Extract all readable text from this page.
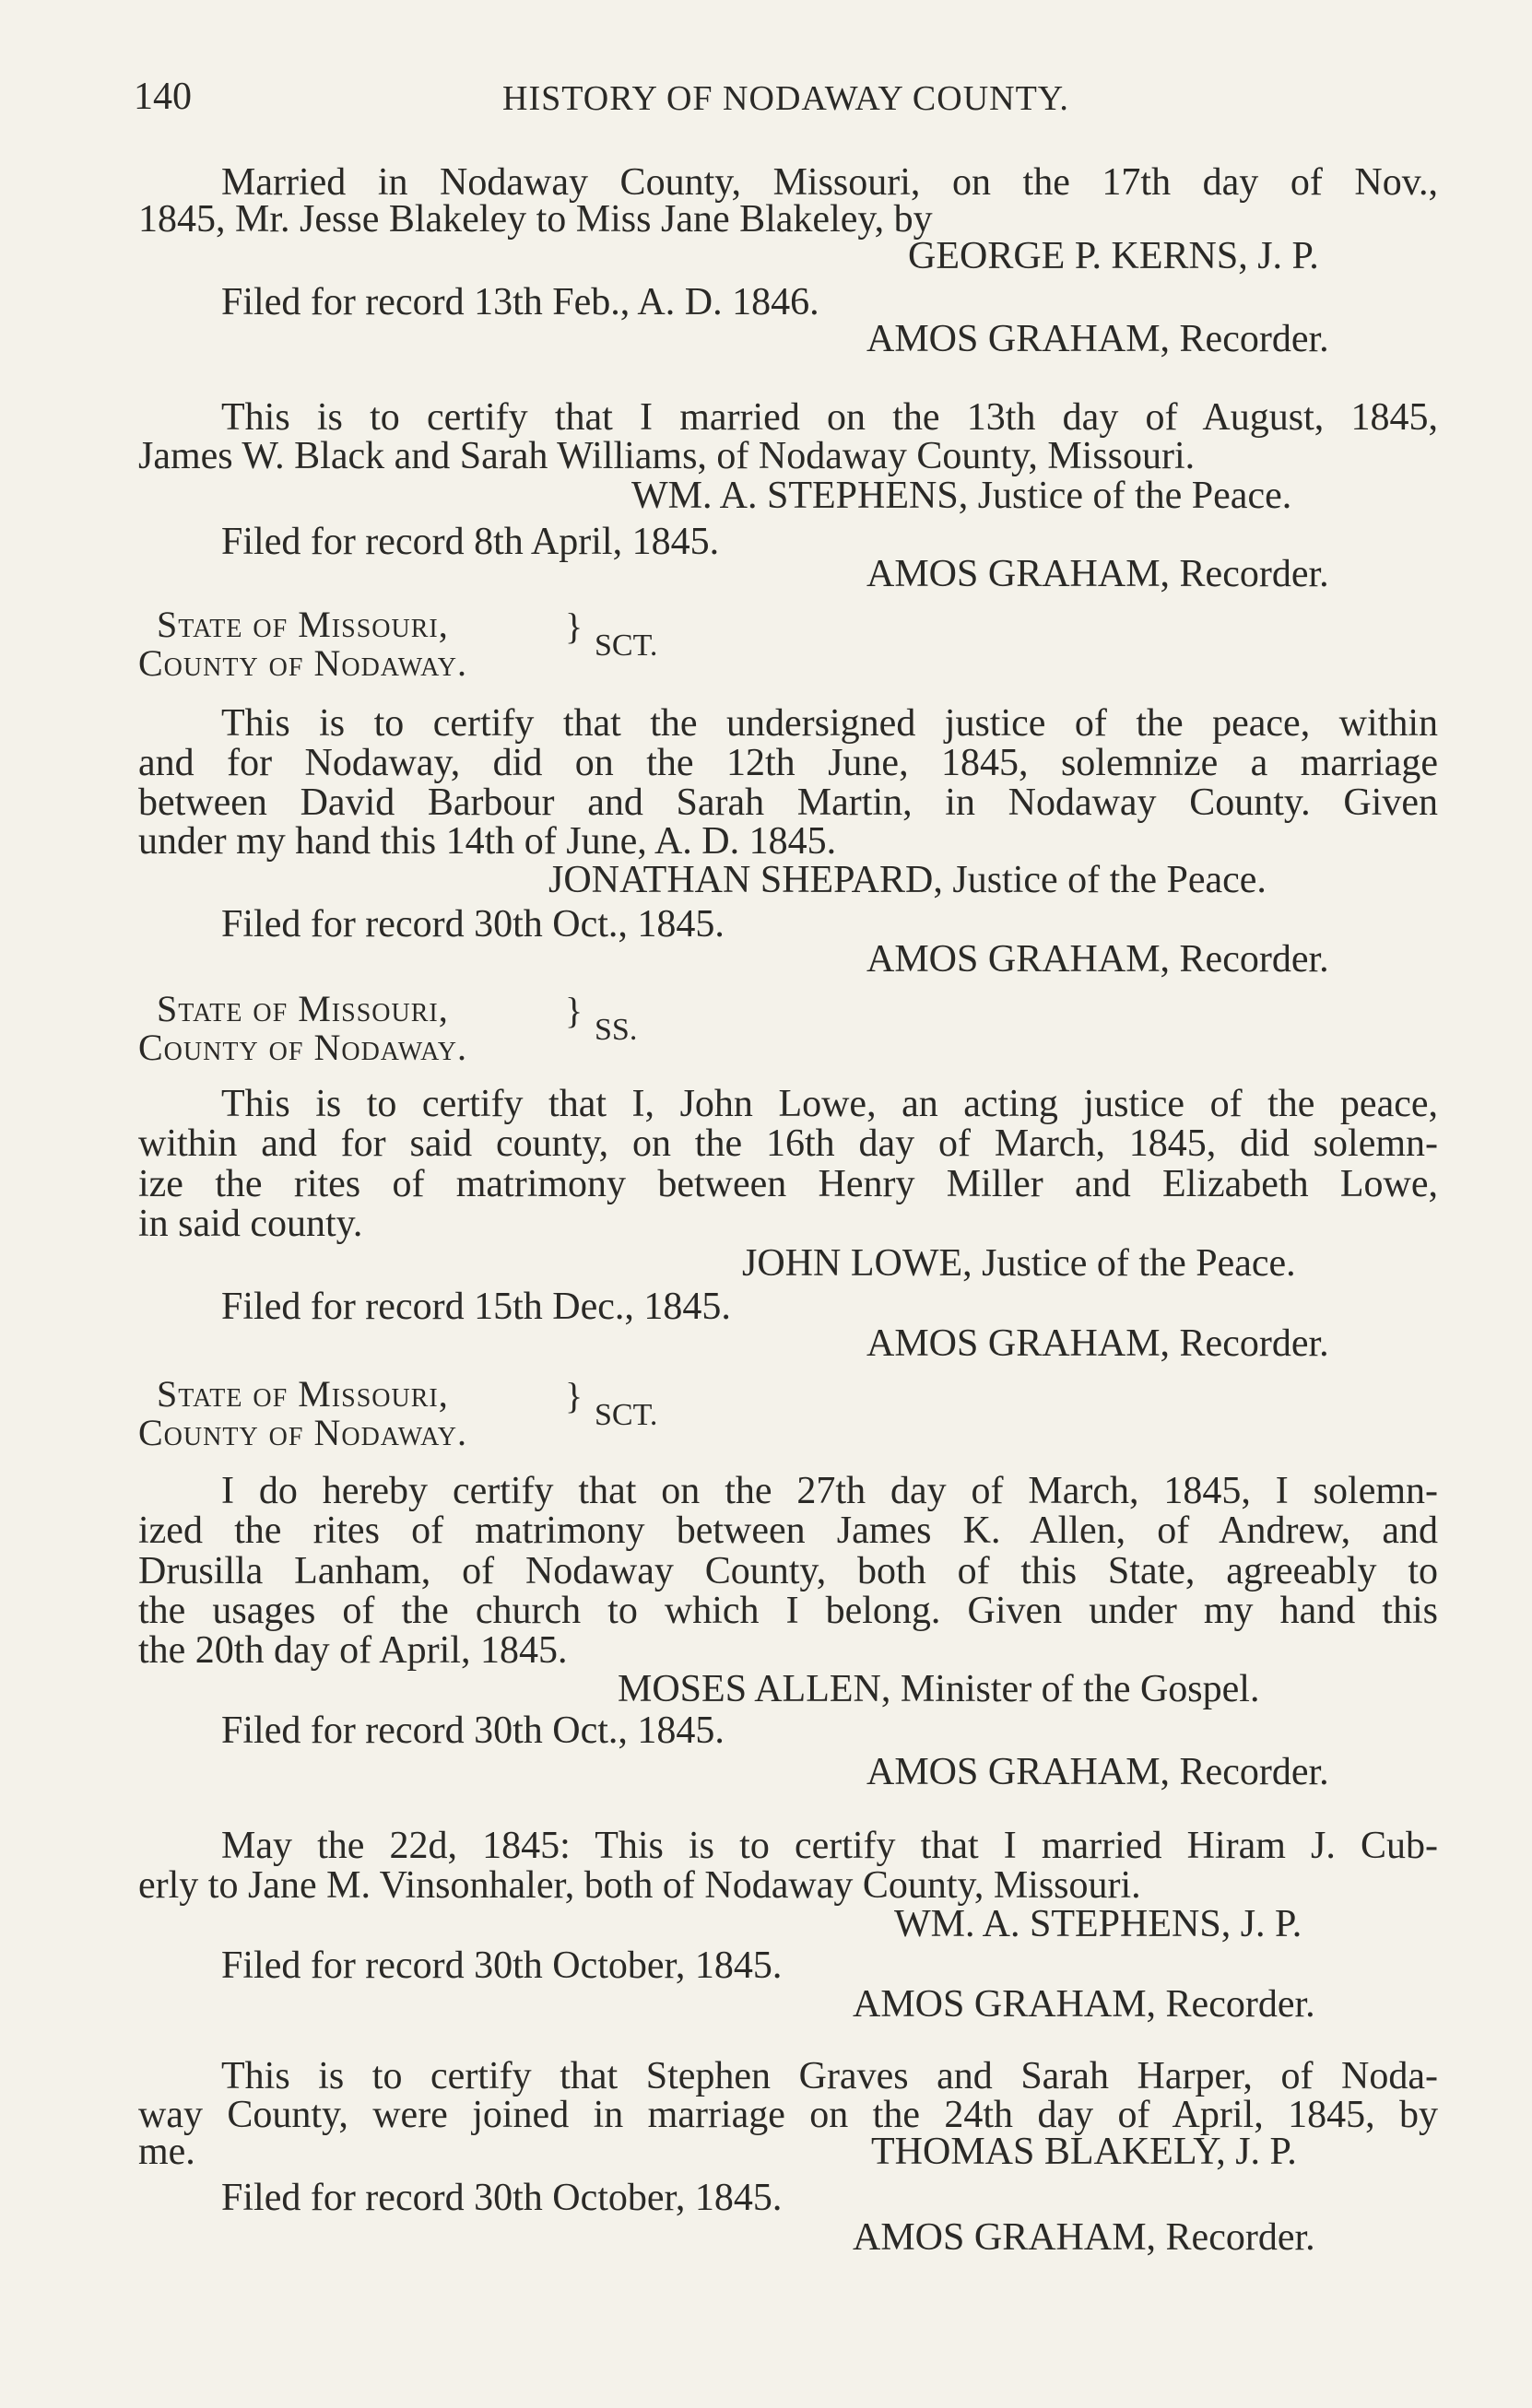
140	HISTORY OF NODAWAY COUNTY.
Married in Nodaway County, Missouri, on the 17th day of Nov.,
1845, Mr. Jesse Blakeley to Miss Jane Blakeley, by
GEORGE P. KERNS, J. P.
Filed for record 13th Feb., A. D. 1846.
AMOS GRAHAM, Recorder.
This is to certify that I married on the 13th day of August, 1845,
James W. Black and Sarah Williams, of Nodaway County, Missouri.
WM. A. STEPHENS, Justice of the Peace.
Filed for record 8th April, 1845.
AMOS GRAHAM, Recorder.
State of Missouri,
County of Nodaway.
} SCT.
This is to certify that the undersigned justice of the peace, within
and for Nodaway, did on the 12th June, 1845, solemnize a marriage
between David Barbour and Sarah Martin, in Nodaway County. Given
under my hand this 14th of June, A. D. 1845.
JONATHAN SHEPARD, Justice of the Peace.
Filed for record 30th Oct., 1845.
AMOS GRAHAM, Recorder.
State of Missouri,
County of Nodaway.
} SS.
This is to certify that I, John Lowe, an acting justice of the peace,
within and for said county, on the 16th day of March, 1845, did solemn-
ize the rites of matrimony between Henry Miller and Elizabeth Lowe,
in said county.
JOHN LOWE, Justice of the Peace.
Filed for record 15th Dec., 1845.
AMOS GRAHAM, Recorder.
State of Missouri,
County of Nodaway.
} SCT.
I do hereby certify that on the 27th day of March, 1845, I solemn-
ized the rites of matrimony between James K. Allen, of Andrew, and
Drusilla Lanham, of Nodaway County, both of this State, agreeably to
the usages of the church to which I belong. Given under my hand this
the 20th day of April, 1845.
MOSES ALLEN, Minister of the Gospel.
Filed for record 30th Oct., 1845.
AMOS GRAHAM, Recorder.
May the 22d, 1845: This is to certify that I married Hiram J. Cub-
erly to Jane M. Vinsonhaler, both of Nodaway County, Missouri.
WM. A. STEPHENS, J. P.
Filed for record 30th October, 1845.
AMOS GRAHAM, Recorder.
This is to certify that Stephen Graves and Sarah Harper, of Noda-
way County, were joined in marriage on the 24th day of April, 1845, by
me.	THOMAS BLAKELY, J. P.
Filed for record 30th October, 1845.
AMOS GRAHAM, Recorder.
